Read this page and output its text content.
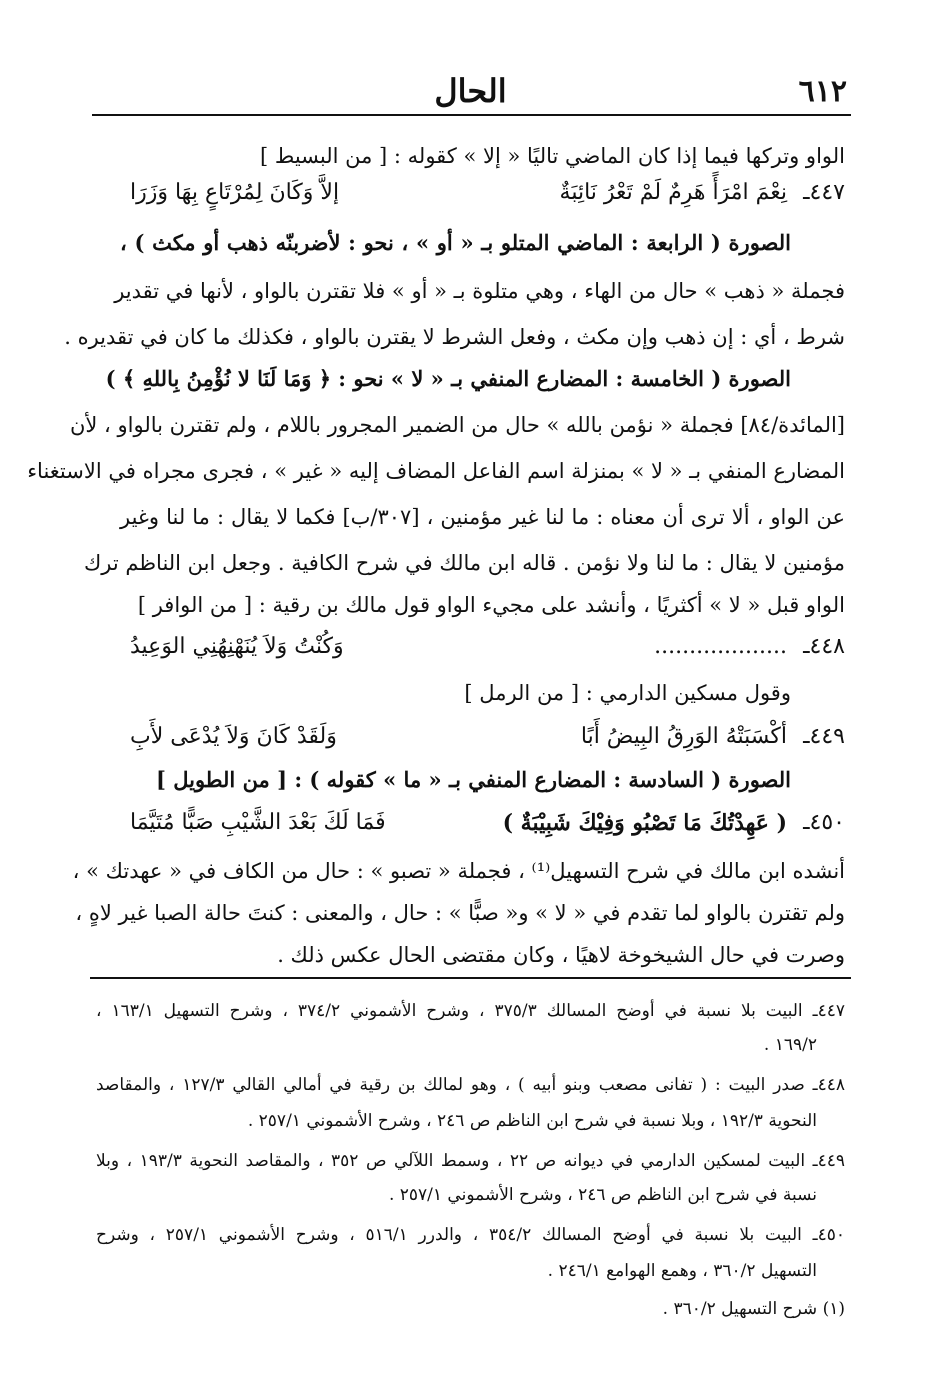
٦١٢
الحال
الواو وتركها فيما إذا كان الماضي تاليًا « إلا » كقوله : [ من البسيط ]
٤٤٧ـ
نِعْمَ امْرَأً هَرِمٌ لَمْ تَعْرُ نَائِبَةٌ
إلاَّ وَكَانَ لِمُرْتَاعٍ بِهَا وَزَرَا
الصورة ( الرابعة : الماضي المتلو بـ « أو » ، نحو : لأضربنّه ذهب أو مكث ) ،
فجملة « ذهب » حال من الهاء ، وهي متلوة بـ « أو » فلا تقترن بالواو ، لأنها في تقدير
شرط ، أي : إن ذهب وإن مكث ، وفعل الشرط لا يقترن بالواو ، فكذلك ما كان في تقديره .
الصورة ( الخامسة : المضارع المنفي بـ « لا » نحو : ﴿ وَمَا لَنَا لا نُؤْمِنُ بِاللهِ ﴾ )
[المائدة/٨٤] فجملة « نؤمن بالله » حال من الضمير المجرور باللام ، ولم تقترن بالواو ، لأن
المضارع المنفي بـ « لا » بمنزلة اسم الفاعل المضاف إليه « غير » ، فجرى مجراه في الاستغناء
عن الواو ، ألا ترى أن معناه : ما لنا غير مؤمنين ، [٣٠٧/ب] فكما لا يقال : ما لنا وغير
مؤمنين لا يقال : ما لنا ولا نؤمن . قاله ابن مالك في شرح الكافية . وجعل ابن الناظم ترك
الواو قبل « لا » أكثريًا ، وأنشد على مجيء الواو قول مالك بن رقية : [ من الوافر ]
٤٤٨ـ
...................
وَكُنْتُ وَلاَ يُنَهْنِهُنِي الوَعِيدُ
وقول مسكين الدارمي : [ من الرمل ]
٤٤٩ـ
أكْسَبَتْهُ الوَرِقُ البِيضُ أَبًا
وَلَقَدْ كَانَ وَلاَ يُدْعَى لأَبِ
الصورة ( السادسة : المضارع المنفي بـ « ما » كقوله ) : [ من الطويل ]
٤٥٠ـ
( عَهِدْتُكَ مَا تَصْبُو وَفِيْكَ شَبِيْبَةٌ )
فَمَا لَكَ بَعْدَ الشَّيْبِ صَبًّا مُتَيَّمَا
أنشده ابن مالك في شرح التسهيل⁽¹⁾ ، فجملة « تصبو » : حال من الكاف في « عهدتك » ،
ولم تقترن بالواو لما تقدم في « لا » و« صبًّا » : حال ، والمعنى : كنتَ حالة الصبا غير لاهٍ ،
وصرت في حال الشيخوخة لاهيًا ، وكان مقتضى الحال عكس ذلك .
٤٤٧ـ البيت بلا نسبة في أوضح المسالك ٣٧٥/٣ ، وشرح الأشموني ٣٧٤/٢ ، وشرح التسهيل ١٦٣/١ ،
١٦٩/٢ .
٤٤٨ـ صدر البيت : ( تفانى مصعب وبنو أبيه ) ، وهو لمالك بن رقية في أمالي القالي ١٢٧/٣ ، والمقاصد
النحوية ١٩٢/٣ ، وبلا نسبة في شرح ابن الناظم ص ٢٤٦ ، وشرح الأشموني ٢٥٧/١ .
٤٤٩ـ البيت لمسكين الدارمي في ديوانه ص ٢٢ ، وسمط اللآلي ص ٣٥٢ ، والمقاصد النحوية ١٩٣/٣ ، وبلا
نسبة في شرح ابن الناظم ص ٢٤٦ ، وشرح الأشموني ٢٥٧/١ .
٤٥٠ـ البيت بلا نسبة في أوضح المسالك ٣٥٤/٢ ، والدرر ٥١٦/١ ، وشرح الأشموني ٢٥٧/١ ، وشرح
التسهيل ٣٦٠/٢ ، وهمع الهوامع ٢٤٦/١ .
(١) شرح التسهيل ٣٦٠/٢ .
